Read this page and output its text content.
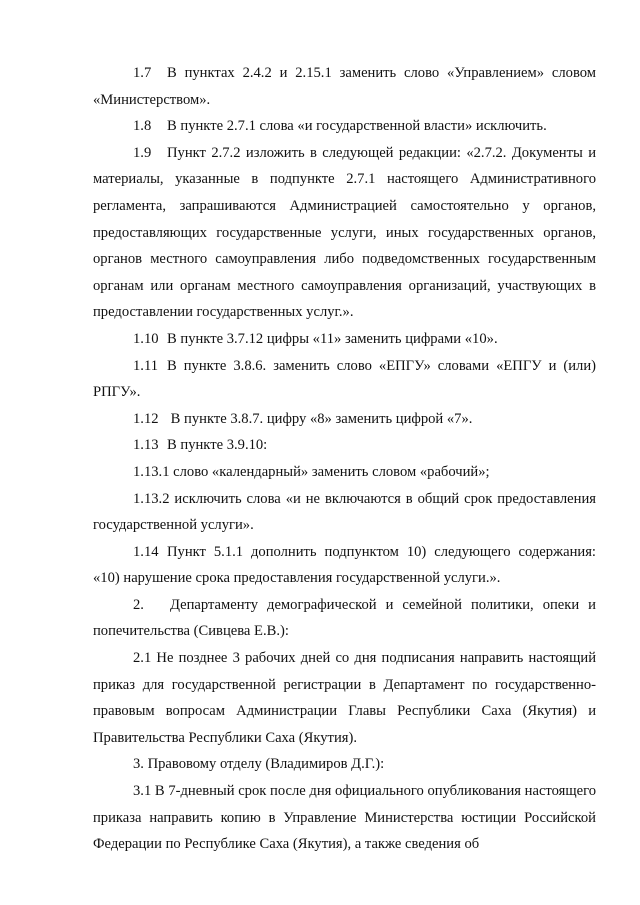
1.7 В пунктах 2.4.2 и 2.15.1 заменить слово «Управлением» словом «Министерством».

1.8 В пункте 2.7.1 слова «и государственной власти» исключить.

1.9 Пункт 2.7.2 изложить в следующей редакции: «2.7.2. Документы и материалы, указанные в подпункте 2.7.1 настоящего Административного регламента, запрашиваются Администрацией самостоятельно у органов, предоставляющих государственные услуги, иных государственных органов, органов местного самоуправления либо подведомственных государственным органам или органам местного самоуправления организаций, участвующих в предоставлении государственных услуг.».

1.10 В пункте 3.7.12 цифры «11» заменить цифрами «10».

1.11 В пункте 3.8.6. заменить слово «ЕПГУ» словами «ЕПГУ и (или) РПГУ».

1.12 В пункте 3.8.7. цифру «8» заменить цифрой «7».

1.13 В пункте 3.9.10:

1.13.1 слово «календарный» заменить словом «рабочий»;

1.13.2 исключить слова «и не включаются в общий срок предоставления государственной услуги».

1.14 Пункт 5.1.1 дополнить подпунктом 10) следующего содержания: «10) нарушение срока предоставления государственной услуги.».

2. Департаменту демографической и семейной политики, опеки и попечительства (Сивцева Е.В.):

2.1 Не позднее 3 рабочих дней со дня подписания направить настоящий приказ для государственной регистрации в Департамент по государственно-правовым вопросам Администрации Главы Республики Саха (Якутия) и Правительства Республики Саха (Якутия).

3. Правовому отделу (Владимиров Д.Г.):

3.1 В 7-дневный срок после дня официального опубликования настоящего приказа направить копию в Управление Министерства юстиции Российской Федерации по Республике Саха (Якутия), а также сведения об
